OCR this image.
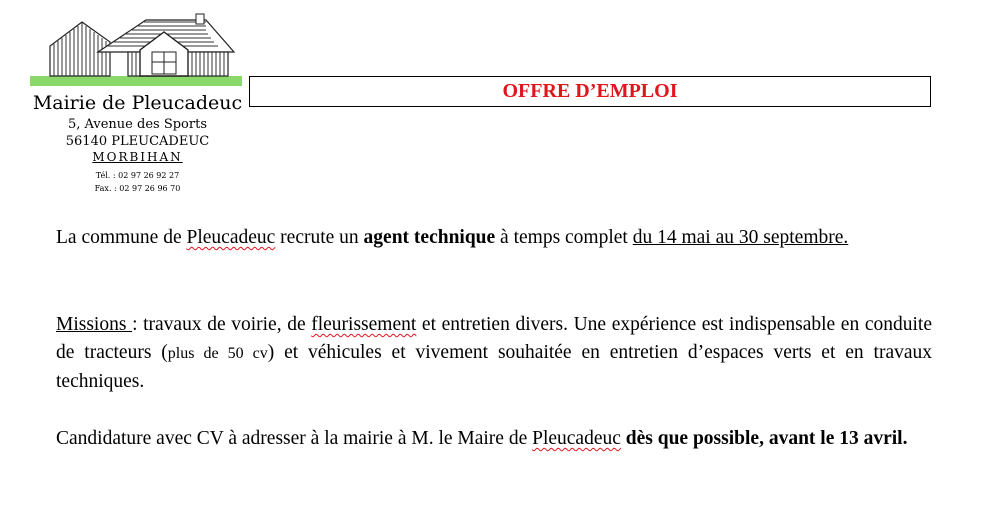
Mairie de Pleucadeuc
5, Avenue des Sports
56140 PLEUCADEUC
MORBIHAN
Tél. : 02 97 26 92 27
Fax. : 02 97 26 96 70
OFFRE D’EMPLOI
La commune de Pleucadeuc recrute un agent technique à temps complet du 14 mai au 30 septembre.
Missions : travaux de voirie, de fleurissement et entretien divers. Une expérience est indispensable en conduite de tracteurs (plus de 50 cv) et véhicules et vivement souhaitée en entretien d’espaces verts et en travaux techniques.
Candidature avec CV à adresser à la mairie à M. le Maire de Pleucadeuc dès que possible, avant le 13 avril.
